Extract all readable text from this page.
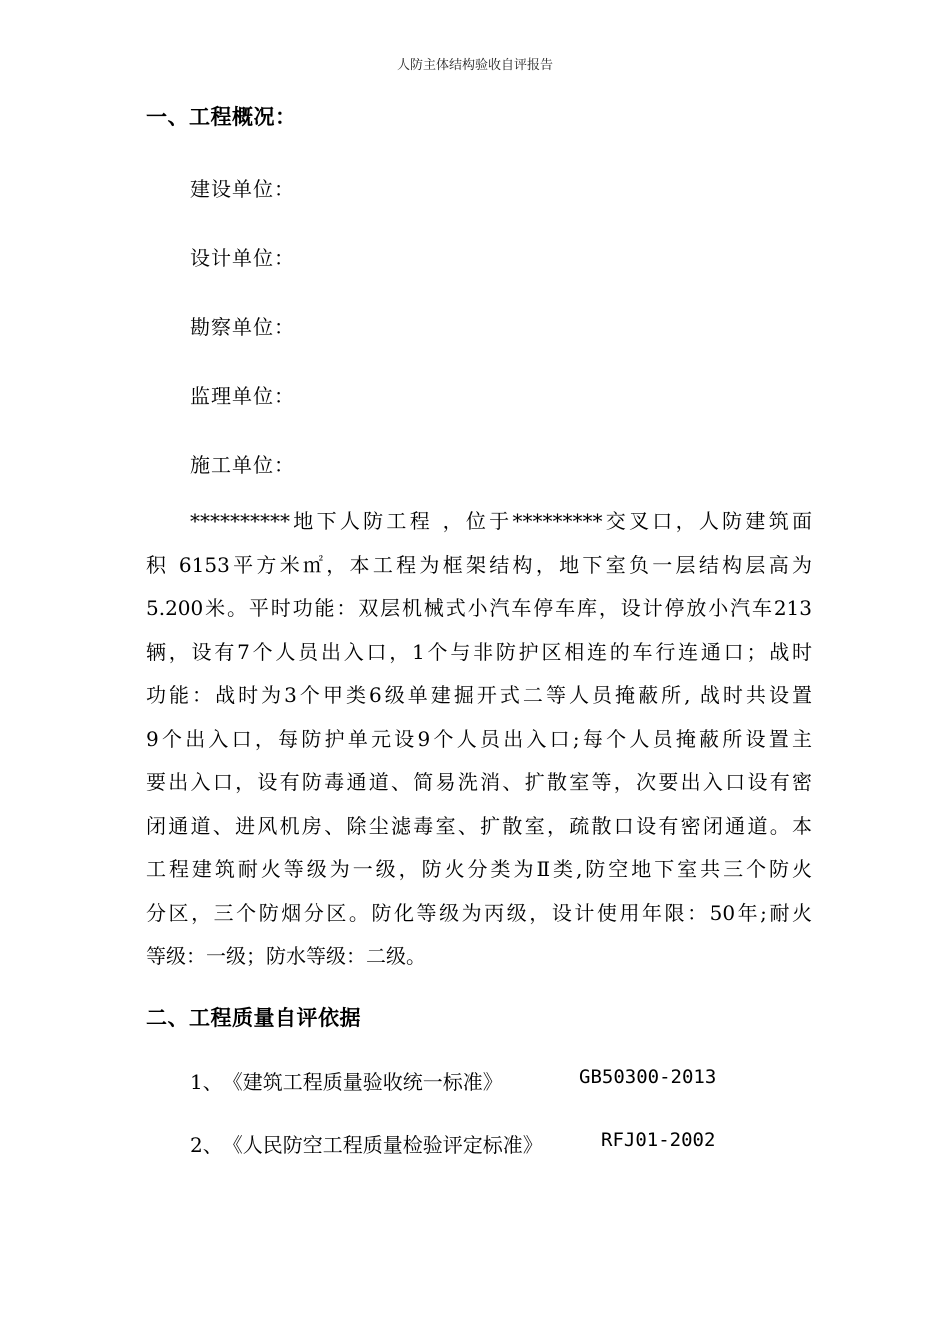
人防主体结构验收自评报告
一、工程概况：
建设单位：
设计单位：
勘察单位：
监理单位：
施工单位：
**********地下人防工程 ，位于*********交叉口，人防建筑面
积 6153平方米㎡，本工程为框架结构，地下室负一层结构层高为
5.200米。平时功能：双层机械式小汽车停车库，设计停放小汽车213
辆，设有7个人员出入口，1个与非防护区相连的车行连通口；战时
功能：战时为3个甲类6级单建掘开式二等人员掩蔽所, 战时共设置
9个出入口，每防护单元设9个人员出入口;每个人员掩蔽所设置主
要出入口，设有防毒通道、简易洗消、扩散室等，次要出入口设有密
闭通道、进风机房、除尘滤毒室、扩散室，疏散口设有密闭通道。本
工程建筑耐火等级为一级，防火分类为Ⅱ类,防空地下室共三个防火
分区，三个防烟分区。防化等级为丙级，设计使用年限：50年;耐火
等级：一级；防水等级：二级。
二、工程质量自评依据
1、《建筑工程质量验收统一标准》	GB50300-2013
2、《人民防空工程质量检验评定标准》	RFJ01-2002
